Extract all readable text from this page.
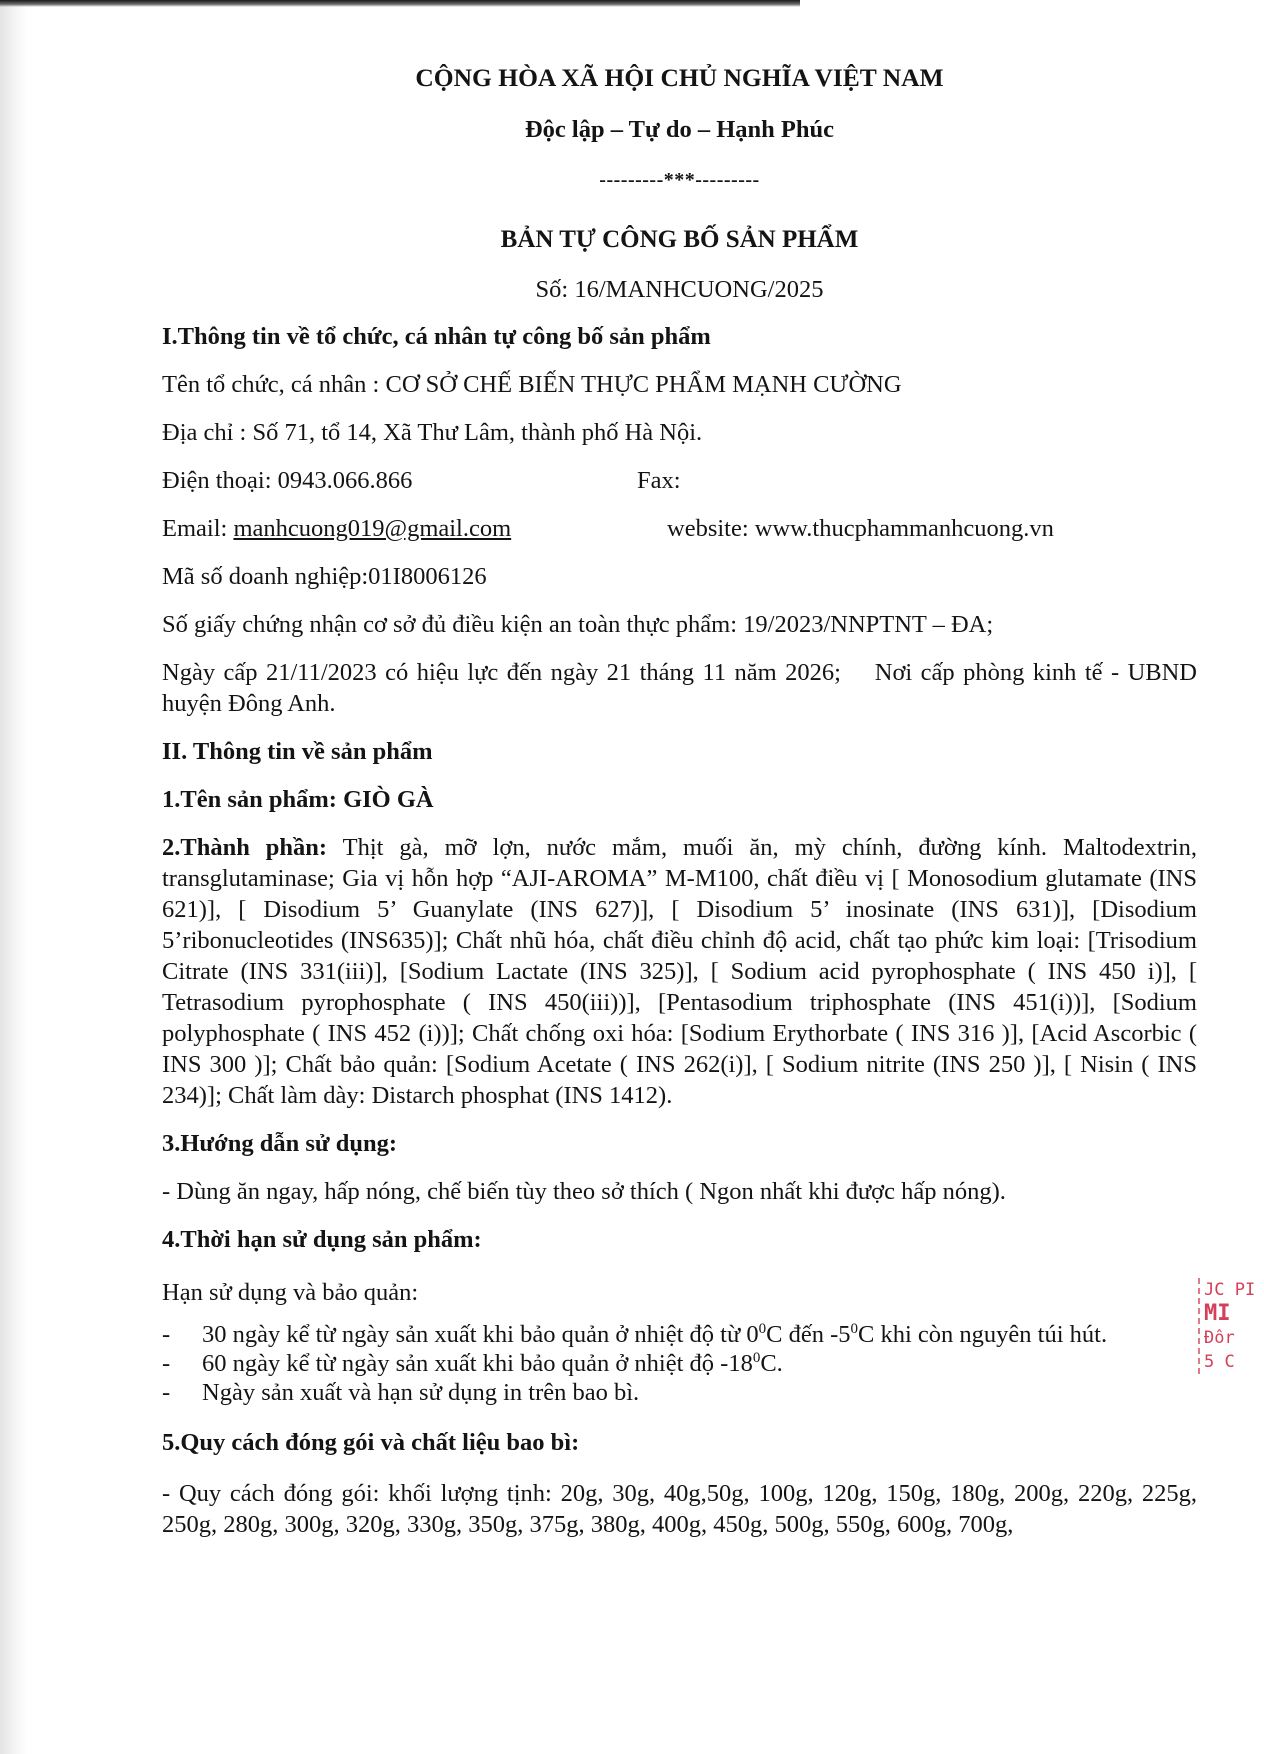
CỘNG HÒA XÃ HỘI CHỦ NGHĨA VIỆT NAM

Độc lập – Tự do – Hạnh Phúc

---------***---------

BẢN TỰ CÔNG BỐ SẢN PHẨM

Số: 16/MANHCUONG/2025

I.Thông tin về tổ chức, cá nhân tự công bố sản phẩm

Tên tổ chức, cá nhân : CƠ SỞ CHẾ BIẾN THỰC PHẨM MẠNH CƯỜNG

Địa chỉ : Số 71, tổ 14, Xã Thư Lâm, thành phố Hà Nội.

Điện thoại: 0943.066.866	Fax:
Email: manhcuong019@gmail.com	website: www.thucphammanhcuong.vn

Mã số doanh nghiệp:01I8006126

Số giấy chứng nhận cơ sở đủ điều kiện an toàn thực phẩm: 19/2023/NNPTNT – ĐA;

Ngày cấp 21/11/2023 có hiệu lực đến ngày 21 tháng 11 năm 2026;    Nơi cấp phòng kinh tế - UBND huyện Đông Anh.

II. Thông tin về sản phẩm

1.Tên sản phẩm: GIÒ GÀ

2.Thành phần: Thịt gà, mỡ lợn, nước mắm, muối ăn, mỳ chính, đường kính. Maltodextrin, transglutaminase; Gia vị hỗn hợp “AJI-AROMA” M-M100, chất điều vị [ Monosodium glutamate (INS 621)], [ Disodium 5’ Guanylate (INS 627)], [ Disodium 5’ inosinate (INS 631)], [Disodium 5’ribonucleotides (INS635)]; Chất nhũ hóa, chất điều chỉnh độ acid, chất tạo phức kim loại: [Trisodium Citrate (INS 331(iii)], [Sodium Lactate (INS 325)], [ Sodium acid pyrophosphate ( INS 450 i)], [ Tetrasodium pyrophosphate ( INS 450(iii))], [Pentasodium triphosphate (INS 451(i))], [Sodium polyphosphate ( INS 452 (i))]; Chất chống oxi hóa: [Sodium Erythorbate ( INS 316 )], [Acid Ascorbic ( INS 300 )]; Chất bảo quản: [Sodium Acetate ( INS 262(i)], [ Sodium nitrite (INS 250 )], [ Nisin ( INS 234)]; Chất làm dày: Distarch phosphat (INS 1412).

3.Hướng dẫn sử dụng:

- Dùng ăn ngay, hấp nóng, chế biến tùy theo sở thích ( Ngon nhất khi được hấp nóng).

4.Thời hạn sử dụng sản phẩm:

Hạn sử dụng và bảo quản:

-	30 ngày kể từ ngày sản xuất khi bảo quản ở nhiệt độ từ $0^0C$ đến $-5^0C$ khi còn nguyên túi hút.
-	60 ngày kể từ ngày sản xuất khi bảo quản ở nhiệt độ $-18^0C$.
-	Ngày sản xuất và hạn sử dụng in trên bao bì.

5.Quy cách đóng gói và chất liệu bao bì:

- Quy cách đóng gói: khối lượng tịnh: 20g, 30g, 40g,50g, 100g, 120g, 150g, 180g, 200g, 220g, 225g, 250g, 280g, 300g, 320g, 330g, 350g, 375g, 380g, 400g, 450g, 500g, 550g, 600g, 700g,

JC PI
MI
Đôr
5 C
